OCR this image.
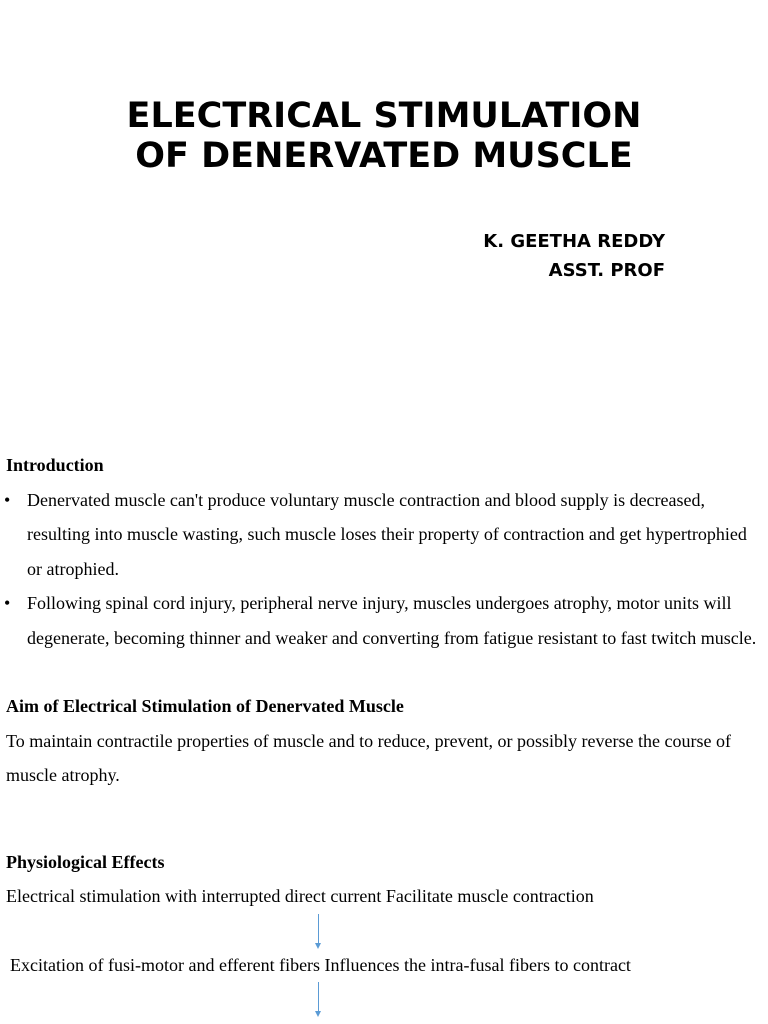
ELECTRICAL STIMULATION
OF DENERVATED MUSCLE
K. GEETHA REDDY
ASST. PROF

Introduction

• Denervated muscle can't produce voluntary muscle contraction and blood supply is decreased, resulting into muscle wasting, such muscle loses their property of contraction and get hypertrophied or atrophied.
• Following spinal cord injury, peripheral nerve injury, muscles undergoes atrophy, motor units will degenerate, becoming thinner and weaker and converting from fatigue resistant to fast twitch muscle.

Aim of Electrical Stimulation of Denervated Muscle

To maintain contractile properties of muscle and to reduce, prevent, or possibly reverse the course of muscle atrophy.

Physiological Effects

Electrical stimulation with interrupted direct current Facilitate muscle contraction

Excitation of fusi-motor and efferent fibers Influences the intra-fusal fibers to contract
